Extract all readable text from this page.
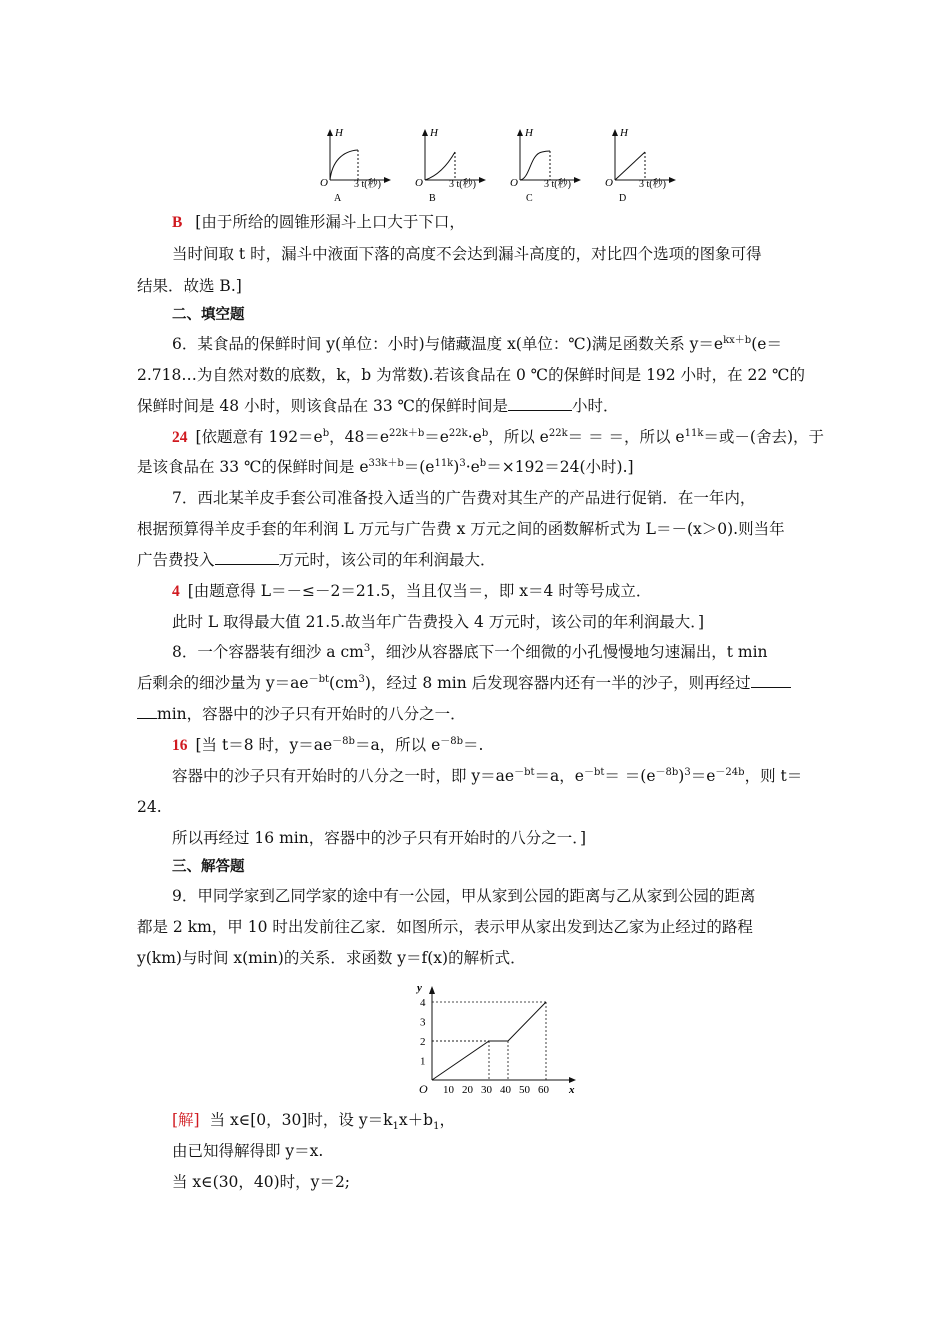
H
O	3 t(秒)
A
H
O	3 t(秒)
B
H
O	3 t(秒)
C
H
O	3 t(秒)
D
B [由于所给的圆锥形漏斗上口大于下口，
当时间取 t 时，漏斗中液面下落的高度不会达到漏斗高度的，对比四个选项的图象可得
结果．故选 B.]
二、填空题
6．某食品的保鲜时间 y(单位：小时)与储藏温度 x(单位：℃)满足函数关系 $y=e^{kx+b}(e=$
2.718…为自然对数的底数，k，b 为常数).若该食品在 0 ℃的保鲜时间是 192 小时，在 22 ℃的
保鲜时间是 48 小时，则该食品在 33 ℃的保鲜时间是	小时．
24 [依题意有 $192=e^b$，$48=e^{22k+b}=e^{22k}\cdot e^b$，所以 $e^{22k}=$ ＝ ＝，所以 $e^{11k}=$或－(舍去)，于
是该食品在 33 ℃的保鲜时间是 $e^{33k+b}=(e^{11k})^3\cdot e^b=\times 192=24$(小时).]
7．西北某羊皮手套公司准备投入适当的广告费对其生产的产品进行促销．在一年内，
根据预算得羊皮手套的年利润 L 万元与广告费 x 万元之间的函数解析式为 L＝－(x＞0).则当年
广告费投入	万元时，该公司的年利润最大．
4 [由题意得 L＝－≤－2＝21.5，当且仅当＝，即 x＝4 时等号成立．
此时 L 取得最大值 21.5.故当年广告费投入 4 万元时，该公司的年利润最大．]
8．一个容器装有细沙 a $cm^3$，细沙从容器底下一个细微的小孔慢慢地匀速漏出，t min
后剩余的细沙量为 $y=ae^{-bt}(cm^3)$，经过 8 min 后发现容器内还有一半的沙子，则再经过
min，容器中的沙子只有开始时的八分之一．
16 [当 t＝8 时，$y=ae^{-8b}=a$，所以 $e^{-8b}=$.
容器中的沙子只有开始时的八分之一时，即 $y=ae^{-bt}=a$，$e^{-bt}= =(e^{-8b})^3=e^{-24b}$，则 t＝
24.
所以再经过 16 min，容器中的沙子只有开始时的八分之一．]
三、解答题
9．甲同学家到乙同学家的途中有一公园，甲从家到公园的距离与乙从家到公园的距离
都是 2 km，甲 10 时出发前往乙家．如图所示，表示甲从家出发到达乙家为止经过的路程
y(km)与时间 x(min)的关系．求函数 y＝f(x)的解析式．
y
x
O
1
2
3
4
10 20 30 40 50 60
[解] 当 x∈[0，30]时，设 $y=k_1x+b_1$，
由已知得解得即 y＝x.
当 x∈(30，40)时，y＝2;
